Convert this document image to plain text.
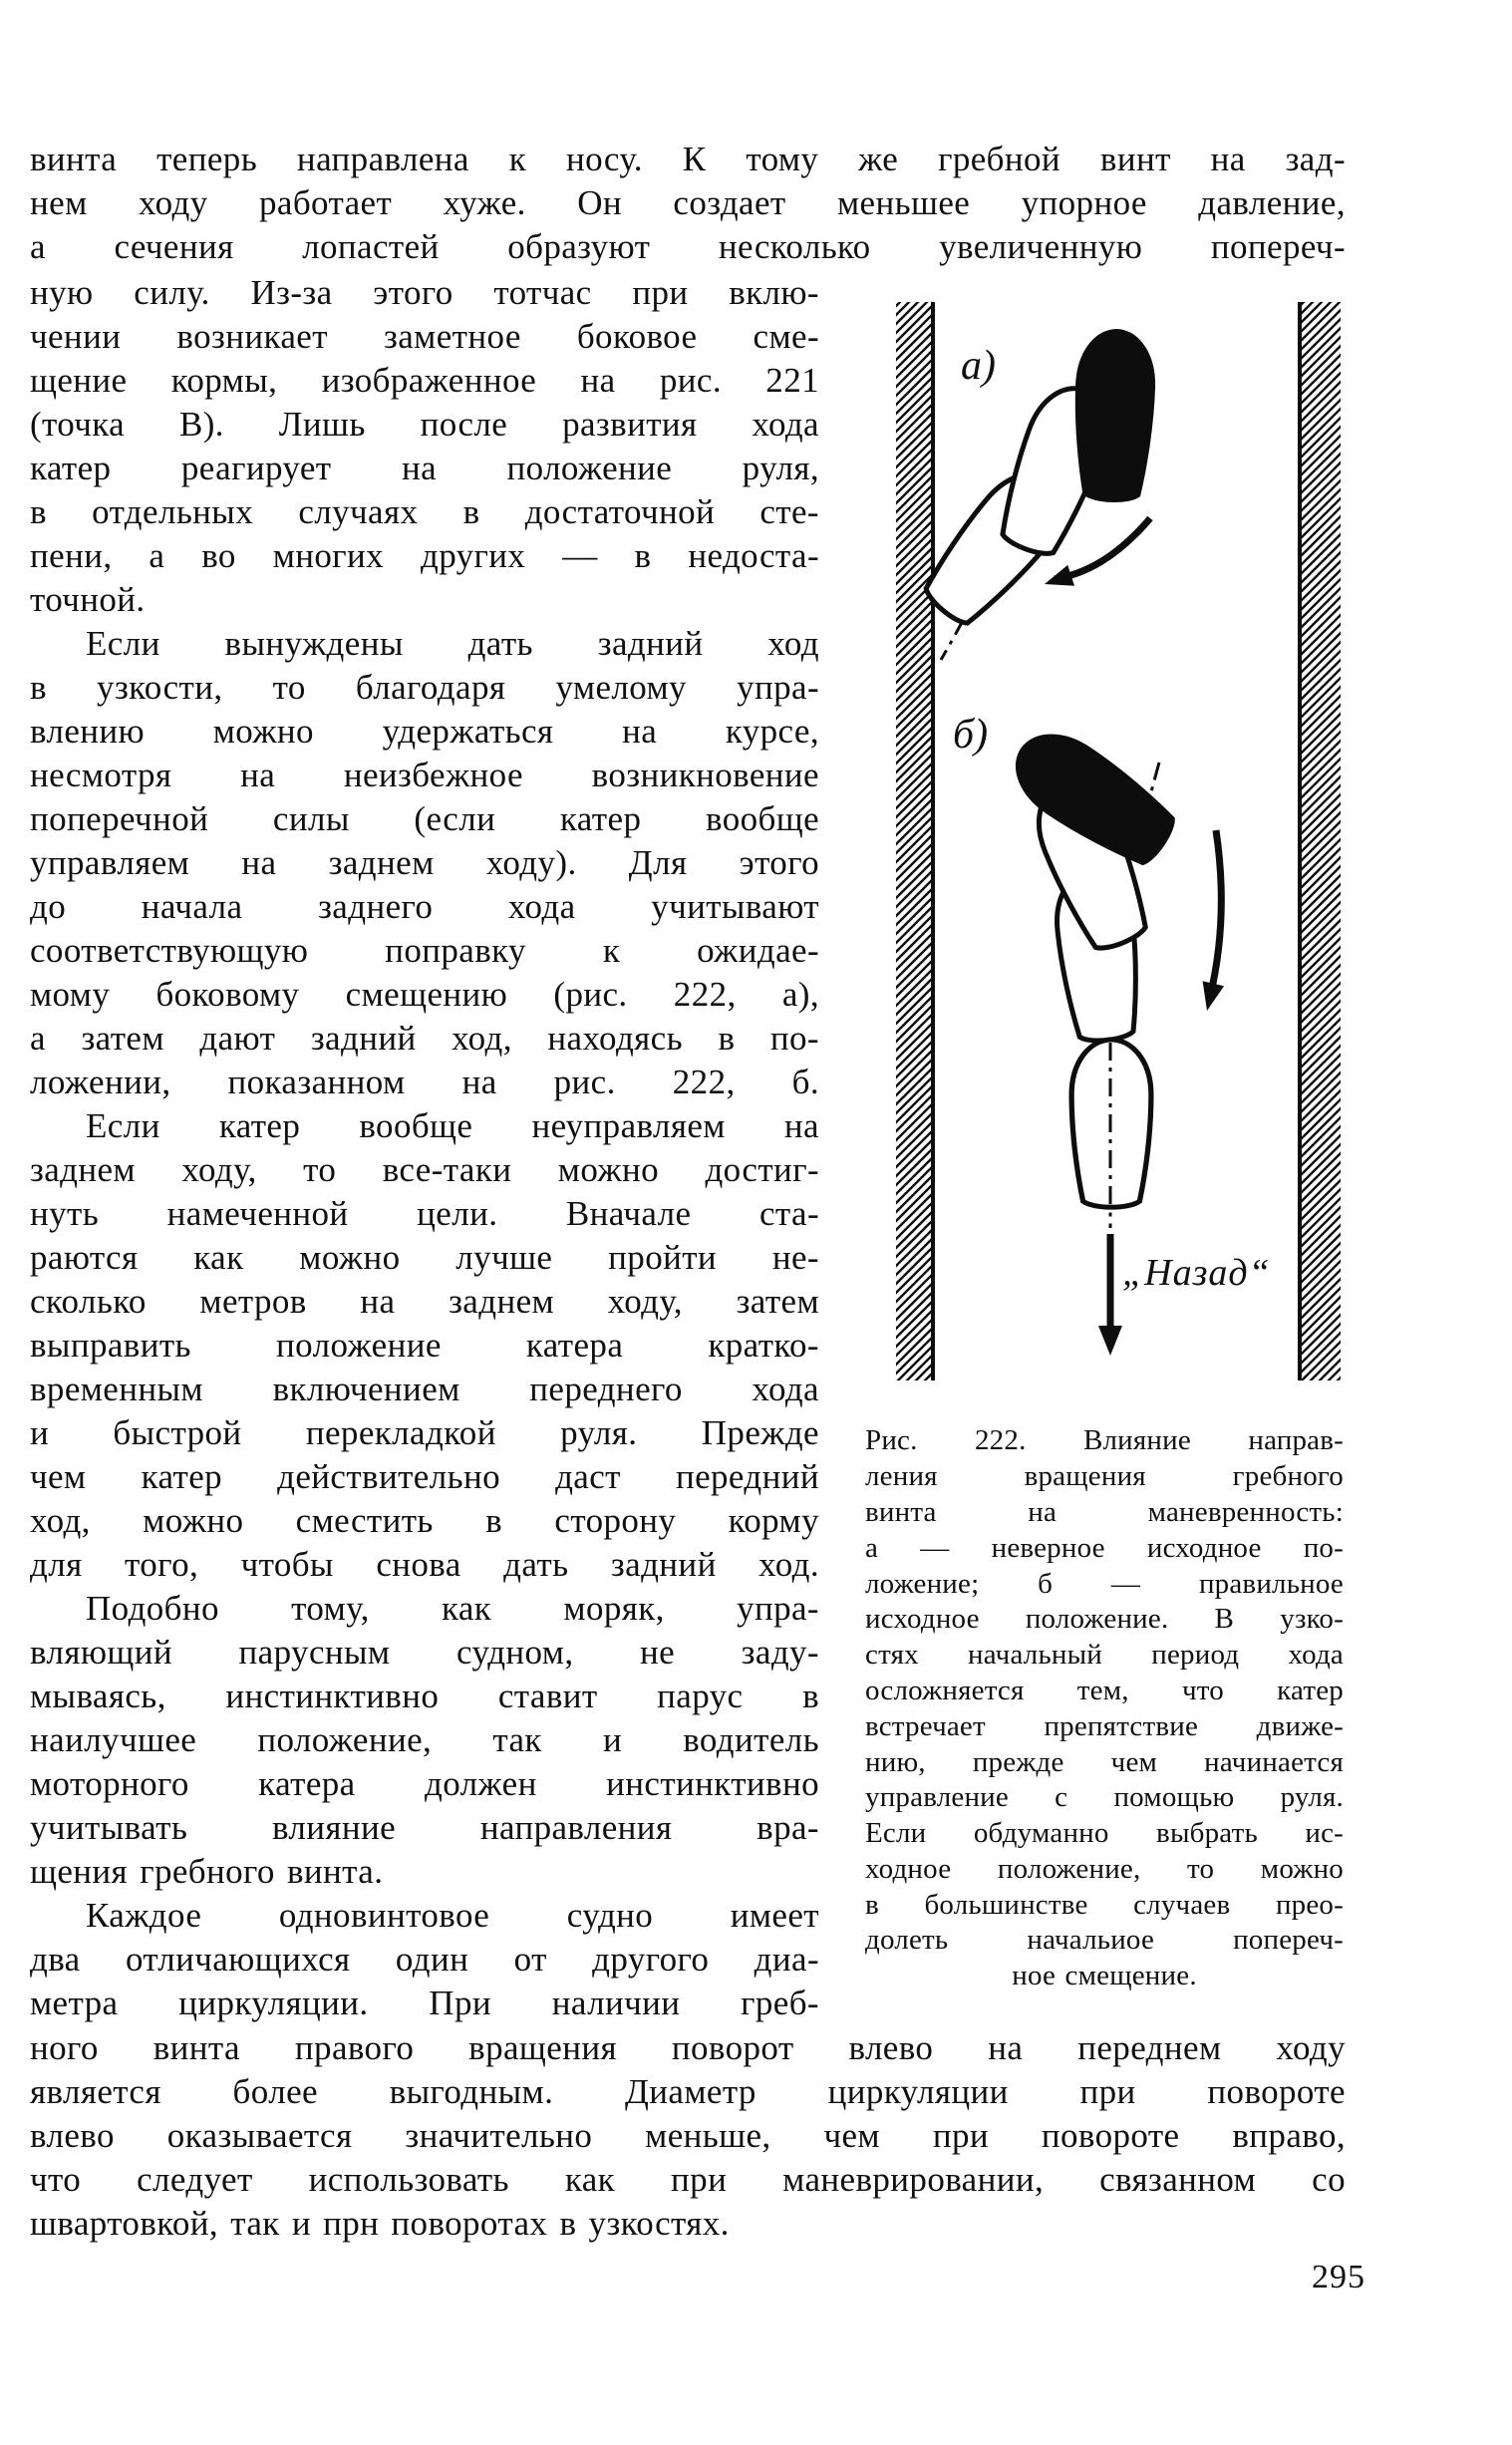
а)
б)
„Назад“
винта теперь направлена к носу. К тому же гребной винт на зад-
нем ходу работает хуже. Он создает меньшее упорное давление,
а сечения лопастей образуют несколько увеличенную попереч-
ную силу. Из-за этого тотчас при вклю-
чении возникает заметное боковое сме-
щение кормы, изображенное на рис. 221
(точка В). Лишь после развития хода
катер реагирует на положение руля,
в отдельных случаях в достаточной сте-
пени, а во многих других — в недоста-
точной.
Если вынуждены дать задний ход
в узкости, то благодаря умелому упра-
влению можно удержаться на курсе,
несмотря на неизбежное возникновение
поперечной силы (если катер вообще
управляем на заднем ходу). Для этого
до начала заднего хода учитывают
соответствующую поправку к ожидае-
мому боковому смещению (рис. 222, а),
а затем дают задний ход, находясь в по-
ложении, показанном на рис. 222, б.
Если катер вообще неуправляем на
заднем ходу, то все-таки можно достиг-
нуть намеченной цели. Вначале ста-
раются как можно лучше пройти не-
сколько метров на заднем ходу, затем
выправить положение катера кратко-
временным включением переднего хода
и быстрой перекладкой руля. Прежде
чем катер действительно даст передний
ход, можно сместить в сторону корму
для того, чтобы снова дать задний ход.
Подобно тому, как моряк, упра-
вляющий парусным судном, не заду-
мываясь, инстинктивно ставит парус в
наилучшее положение, так и водитель
моторного катера должен инстинктивно
учитывать влияние направления вра-
щения гребного винта.
Каждое одновинтовое судно имеет
два отличающихся один от другого диа-
метра циркуляции. При наличии греб-
Рис. 222. Влияние направ-
ления вращения гребного
винта на маневренность:
а — неверное исходное по-
ложение; б — правильное
исходное положение. В узко-
стях начальный период хода
осложняется тем, что катер
встречает препятствие движе-
нию, прежде чем начинается
управление с помощью руля.
Если обдуманно выбрать ис-
ходное положение, то можно
в большинстве случаев прео-
долеть начальиое попереч-
ное смещение.
ного винта правого вращения поворот влево на переднем ходу
является более выгодным. Диаметр циркуляции при повороте
влево оказывается значительно меньше, чем при повороте вправо,
что следует использовать как при маневрировании, связанном со
швартовкой, так и прн поворотах в узкостях.
295
